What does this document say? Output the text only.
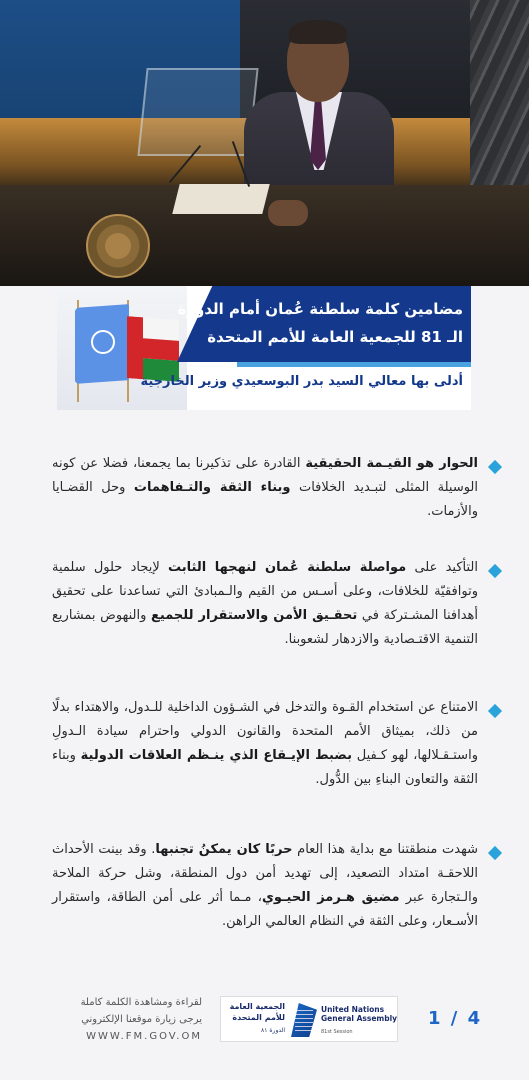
مضامين كلمة سلطنة عُمان أمام الدورة
الـ 81 للجمعية العامة للأمم المتحدة
أدلى بها معالي السيد بدر البوسعيدي وزير الخارجية
الحوار هو القيـمة الحقيقية القادرة على تذكيرنا بما يجمعنا، فضلا عن كونه الوسيلة المثلى لتبـديد الخلافات وبناء الثقة والتـفاهمات وحل القضـايا والأزمات.
التأكيد على مواصلة سلطنة عُمان لنهجها الثابت لإيجاد حلول سلمية وتوافقيّة للخلافات، وعلى أسـس من القيم والـمبادئ التي تساعدنا على تحقيق أهدافنا المشـتركة في تحقـيق الأمن والاستقرار للجميع والنهوض بمشاريع التنمية الاقتـصادية والازدهار لشعوبنا.
الامتناع عن استخدام القـوة والتدخل في الشـؤون الداخلية للـدول، والاهتداء بدلًا من ذلك، بميثاق الأمم المتحدة والقانون الدولي واحترام سيادة الـدولِ واستـقـلالها، لهو كـفيل بضبط الإيـقاع الذي ينـظم العلاقات الدولية وبناء الثقة والتعاون البناءِ بين الدُّول.
شهدت منطقتنا مع بداية هذا العام حربًا كان يمكنُ تجنبها. وقد بينت الأحداث اللاحقـة امتداد التصعيد، إلى تهديد أمن دول المنطقة، وشل حركة الملاحة والـتجارة عبر مضيق هـرمز الحيـوي، مـما أثر على أمن الطاقة، واستقرار الأسـعار، وعلى الثقة في النظام العالمي الراهن.
لقراءة ومشاهدة الكلمة كاملة
يرجى زيارة موقعنا الإلكتروني
WWW.FM.GOV.OM
الجمعية العامة
للأمم المتحدة
الدورة ٨١
United Nations
General Assembly
81st Session
1 / 4
